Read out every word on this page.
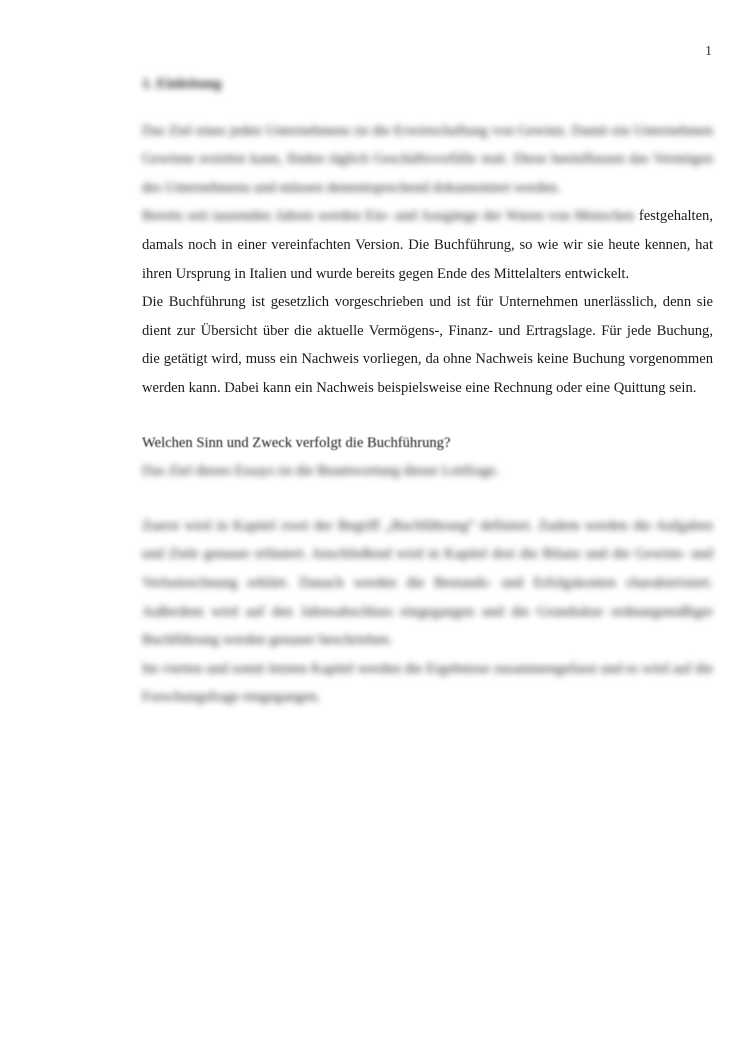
1
1. Einleitung

Das Ziel eines jeden Unternehmens ist die Erwirtschaftung von Gewinn. Damit ein Unternehmen Gewinne erzielen kann, finden täglich Geschäftsvorfälle statt. Diese beeinflussen das Vermögen des Unternehmens und müssen dementsprechend dokumentiert werden.

Bereits seit tausenden Jahren werden Ein- und Ausgänge der Waren von Menschen festgehalten, damals noch in einer vereinfachten Version. Die Buchführung, so wie wir sie heute kennen, hat ihren Ursprung in Italien und wurde bereits gegen Ende des Mittelalters entwickelt.

Die Buchführung ist gesetzlich vorgeschrieben und ist für Unternehmen unerlässlich, denn sie dient zur Übersicht über die aktuelle Vermögens-, Finanz- und Ertragslage. Für jede Buchung, die getätigt wird, muss ein Nachweis vorliegen, da ohne Nachweis keine Buchung vorgenommen werden kann. Dabei kann ein Nachweis beispielsweise eine Rechnung oder eine Quittung sein.

Welchen Sinn und Zweck verfolgt die Buchführung?

Das Ziel dieses Essays ist die Beantwortung dieser Leitfrage.

Zuerst wird in Kapitel zwei der Begriff „Buchführung“ definiert. Zudem werden die Aufgaben und Ziele genauer erläutert. Anschließend wird in Kapitel drei die Bilanz und die Gewinn- und Verlustrechnung erklärt. Danach werden die Bestands- und Erfolgskonten charakterisiert. Außerdem wird auf den Jahresabschluss eingegangen und die Grundsätze ordnungsmäßiger Buchführung werden genauer beschrieben.

Im vierten und somit letzten Kapitel werden die Ergebnisse zusammengefasst und es wird auf die Forschungsfrage eingegangen.
